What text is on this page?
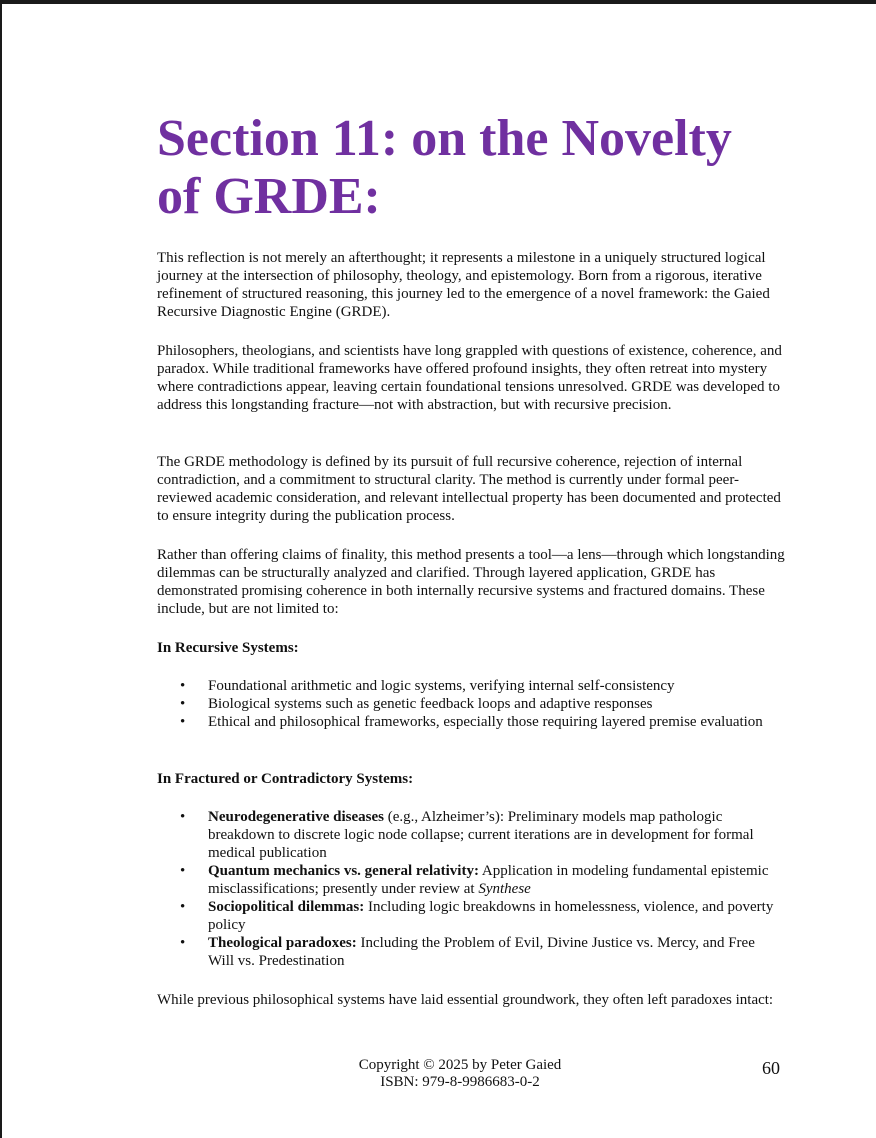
Section 11: on the Novelty
of GRDE:

This reflection is not merely an afterthought; it represents a milestone in a uniquely structured logical journey at the intersection of philosophy, theology, and epistemology. Born from a rigorous, iterative refinement of structured reasoning, this journey led to the emergence of a novel framework: the Gaied Recursive Diagnostic Engine (GRDE).

Philosophers, theologians, and scientists have long grappled with questions of existence, coherence, and paradox. While traditional frameworks have offered profound insights, they often retreat into mystery where contradictions appear, leaving certain foundational tensions unresolved. GRDE was developed to address this longstanding fracture—not with abstraction, but with recursive precision.

The GRDE methodology is defined by its pursuit of full recursive coherence, rejection of internal contradiction, and a commitment to structural clarity. The method is currently under formal peer-reviewed academic consideration, and relevant intellectual property has been documented and protected to ensure integrity during the publication process.

Rather than offering claims of finality, this method presents a tool—a lens—through which longstanding dilemmas can be structurally analyzed and clarified. Through layered application, GRDE has demonstrated promising coherence in both internally recursive systems and fractured domains. These include, but are not limited to:

In Recursive Systems:

• Foundational arithmetic and logic systems, verifying internal self-consistency
• Biological systems such as genetic feedback loops and adaptive responses
• Ethical and philosophical frameworks, especially those requiring layered premise evaluation

In Fractured or Contradictory Systems:

• Neurodegenerative diseases (e.g., Alzheimer’s): Preliminary models map pathologic breakdown to discrete logic node collapse; current iterations are in development for formal medical publication
• Quantum mechanics vs. general relativity: Application in modeling fundamental epistemic misclassifications; presently under review at Synthese
• Sociopolitical dilemmas: Including logic breakdowns in homelessness, violence, and poverty policy
• Theological paradoxes: Including the Problem of Evil, Divine Justice vs. Mercy, and Free Will vs. Predestination

While previous philosophical systems have laid essential groundwork, they often left paradoxes intact:

Copyright © 2025 by Peter Gaied
ISBN: 979-8-9986683-0-2

60
